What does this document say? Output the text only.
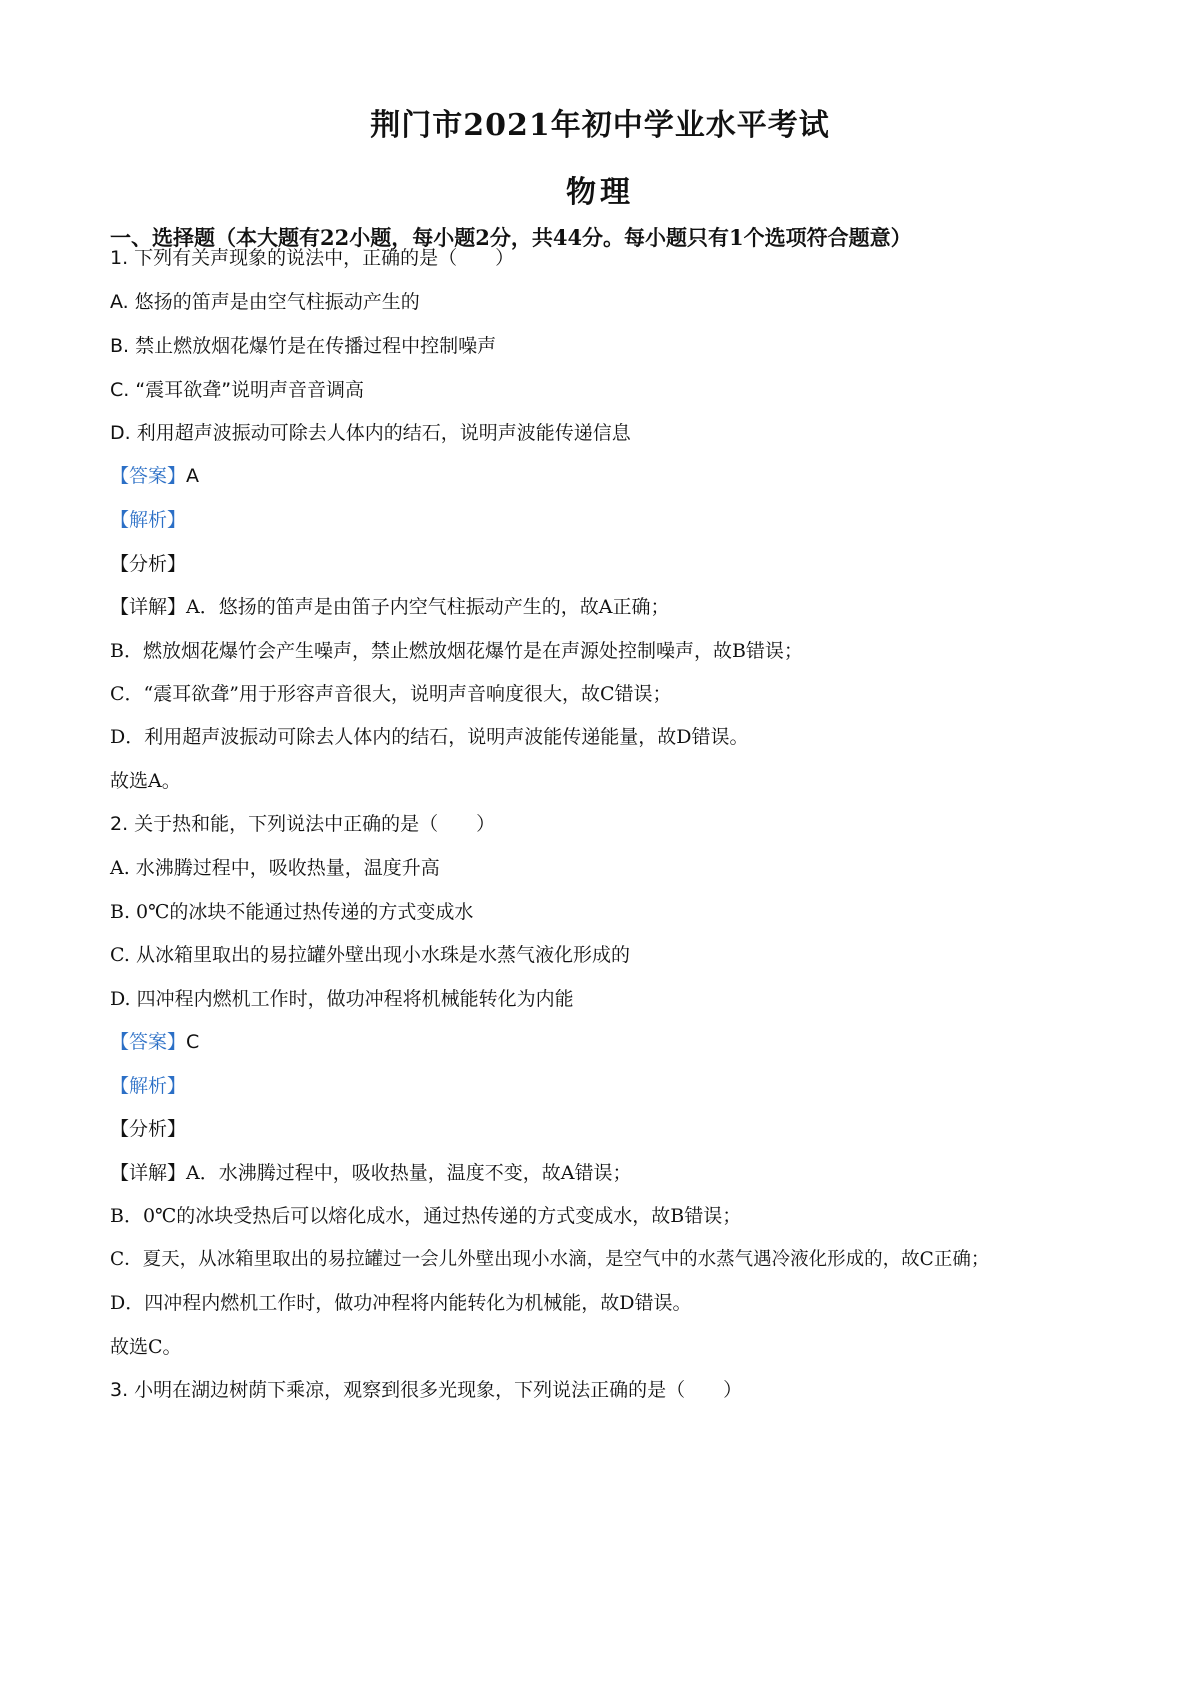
荆门市2021年初中学业水平考试
物理
一、选择题（本大题有22小题，每小题2分，共44分。每小题只有1个选项符合题意）
1. 下列有关声现象的说法中，正确的是（　　）
A. 悠扬的笛声是由空气柱振动产生的
B. 禁止燃放烟花爆竹是在传播过程中控制噪声
C. “震耳欲聋”说明声音音调高
D. 利用超声波振动可除去人体内的结石，说明声波能传递信息
【答案】A
【解析】
【分析】
【详解】A．悠扬的笛声是由笛子内空气柱振动产生的，故A正确；
B．燃放烟花爆竹会产生噪声，禁止燃放烟花爆竹是在声源处控制噪声，故B错误；
C．“震耳欲聋”用于形容声音很大，说明声音响度很大，故C错误；
D．利用超声波振动可除去人体内的结石，说明声波能传递能量，故D错误。
故选A。
2. 关于热和能，下列说法中正确的是（　　）
A. 水沸腾过程中，吸收热量，温度升高
B. 0℃的冰块不能通过热传递的方式变成水
C. 从冰箱里取出的易拉罐外壁出现小水珠是水蒸气液化形成的
D. 四冲程内燃机工作时，做功冲程将机械能转化为内能
【答案】C
【解析】
【分析】
【详解】A．水沸腾过程中，吸收热量，温度不变，故A错误；
B．0℃的冰块受热后可以熔化成水，通过热传递的方式变成水，故B错误；
C．夏天，从冰箱里取出的易拉罐过一会儿外壁出现小水滴，是空气中的水蒸气遇冷液化形成的，故C正确；
D．四冲程内燃机工作时，做功冲程将内能转化为机械能，故D错误。
故选C。
3. 小明在湖边树荫下乘凉，观察到很多光现象，下列说法正确的是（　　）
